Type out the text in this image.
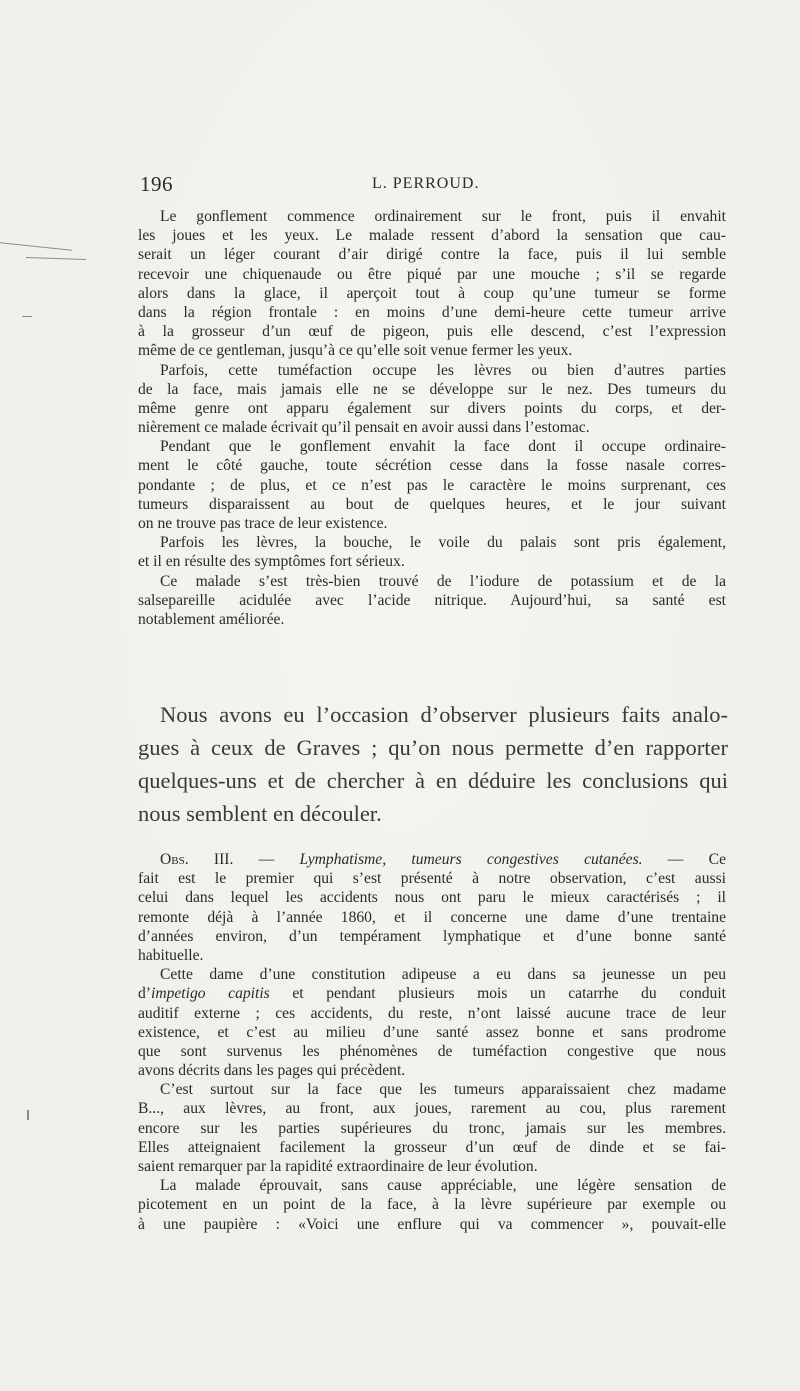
196	L. PERROUD.
Le gonflement commence ordinairement sur le front, puis il envahit
les joues et les yeux. Le malade ressent d’abord la sensation que cau-
serait un léger courant d’air dirigé contre la face, puis il lui semble
recevoir une chiquenaude ou être piqué par une mouche ; s’il se regarde
alors dans la glace, il aperçoit tout à coup qu’une tumeur se forme
dans la région frontale : en moins d’une demi-heure cette tumeur arrive
à la grosseur d’un œuf de pigeon, puis elle descend, c’est l’expression
même de ce gentleman, jusqu’à ce qu’elle soit venue fermer les yeux.
Parfois, cette tuméfaction occupe les lèvres ou bien d’autres parties
de la face, mais jamais elle ne se développe sur le nez. Des tumeurs du
même genre ont apparu également sur divers points du corps, et der-
nièrement ce malade écrivait qu’il pensait en avoir aussi dans l’estomac.
Pendant que le gonflement envahit la face dont il occupe ordinaire-
ment le côté gauche, toute sécrétion cesse dans la fosse nasale corres-
pondante ; de plus, et ce n’est pas le caractère le moins surprenant, ces
tumeurs disparaissent au bout de quelques heures, et le jour suivant
on ne trouve pas trace de leur existence.
Parfois les lèvres, la bouche, le voile du palais sont pris également,
et il en résulte des symptômes fort sérieux.
Ce malade s’est très-bien trouvé de l’iodure de potassium et de la
salsepareille acidulée avec l’acide nitrique. Aujourd’hui, sa santé est
notablement améliorée.
Nous avons eu l’occasion d’observer plusieurs faits analo-
gues à ceux de Graves ; qu’on nous permette d’en rapporter
quelques-uns et de chercher à en déduire les conclusions qui
nous semblent en découler.
Obs. III. — Lymphatisme, tumeurs congestives cutanées. — Ce
fait est le premier qui s’est présenté à notre observation, c’est aussi
celui dans lequel les accidents nous ont paru le mieux caractérisés ; il
remonte déjà à l’année 1860, et il concerne une dame d’une trentaine
d’années environ, d’un tempérament lymphatique et d’une bonne santé
habituelle.
Cette dame d’une constitution adipeuse a eu dans sa jeunesse un peu
d’impetigo capitis et pendant plusieurs mois un catarrhe du conduit
auditif externe ; ces accidents, du reste, n’ont laissé aucune trace de leur
existence, et c’est au milieu d’une santé assez bonne et sans prodrome
que sont survenus les phénomènes de tuméfaction congestive que nous
avons décrits dans les pages qui précèdent.
C’est surtout sur la face que les tumeurs apparaissaient chez madame
B..., aux lèvres, au front, aux joues, rarement au cou, plus rarement
encore sur les parties supérieures du tronc, jamais sur les membres.
Elles atteignaient facilement la grosseur d’un œuf de dinde et se fai-
saient remarquer par la rapidité extraordinaire de leur évolution.
La malade éprouvait, sans cause appréciable, une légère sensation de
picotement en un point de la face, à la lèvre supérieure par exemple ou
à une paupière : «Voici une enflure qui va commencer », pouvait-elle
